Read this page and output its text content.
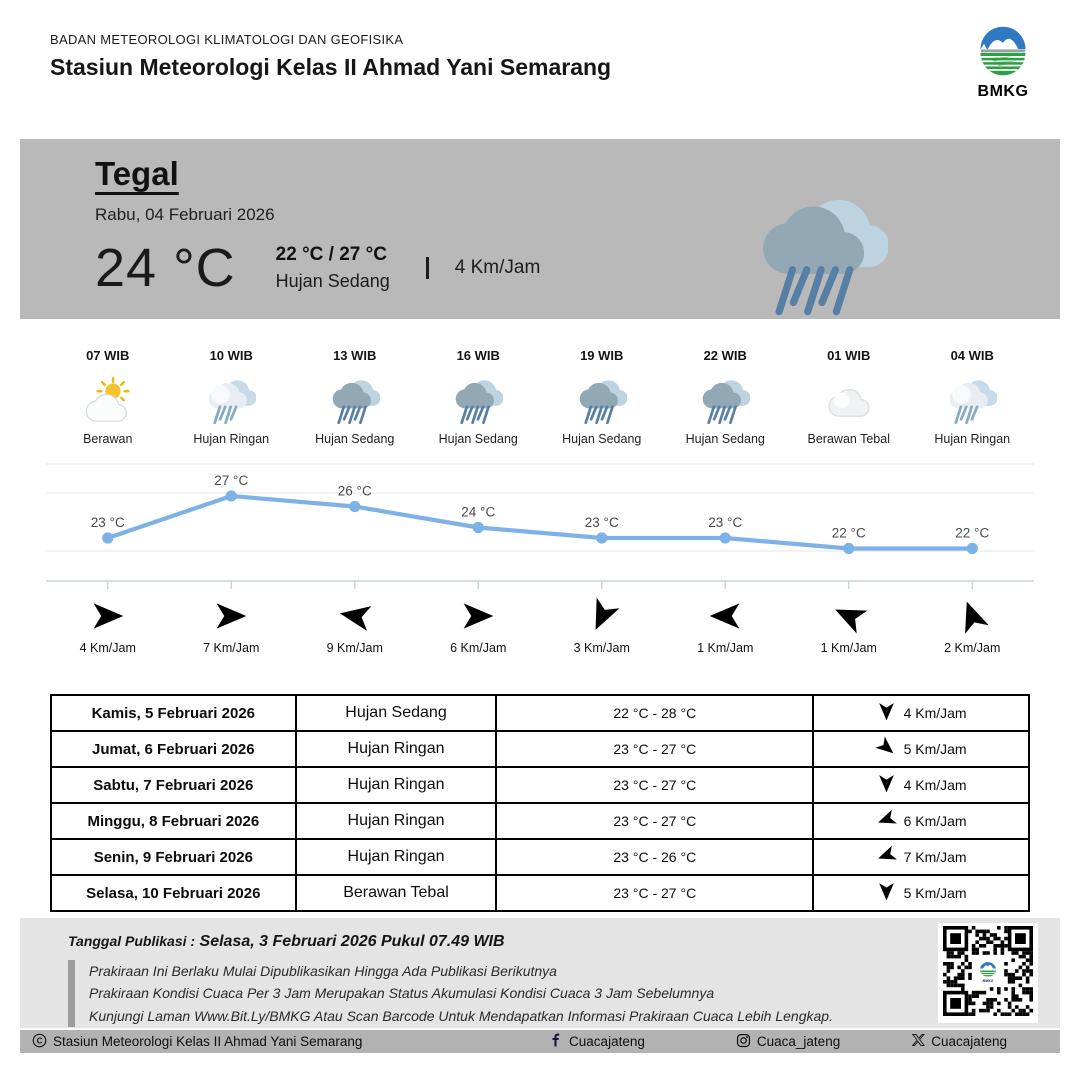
BADAN METEOROLOGI KLIMATOLOGI DAN GEOFISIKA
Stasiun Meteorologi Kelas II Ahmad Yani Semarang
BMKG
Tegal
Rabu, 04 Februari 2026
24 °C 22 °C / 27 °C
Hujan Sedang
4 Km/Jam
07 WIB
Berawan
10 WIB
Hujan Ringan
13 WIB
Hujan Sedang
16 WIB
Hujan Sedang
19 WIB
Hujan Sedang
22 WIB
Hujan Sedang
01 WIB
Berawan Tebal
04 WIB
Hujan Ringan
23 °C
27 °C
26 °C
24 °C
23 °C	23 °C
22 °C	22 °C
4 Km/Jam	7 Km/Jam	9 Km/Jam	6 Km/Jam	3 Km/Jam	1 Km/Jam	1 Km/Jam	2 Km/Jam
Kamis, 5 Februari 2026	Hujan Sedang	22 °C - 28 °C	4 Km/Jam

Jumat, 6 Februari 2026	Hujan Ringan	23 °C - 27 °C	5 Km/Jam

Sabtu, 7 Februari 2026	Hujan Ringan	23 °C - 27 °C	4 Km/Jam

Minggu, 8 Februari 2026	Hujan Ringan	23 °C - 27 °C	6 Km/Jam

Senin, 9 Februari 2026	Hujan Ringan	23 °C - 26 °C	7 Km/Jam

Selasa, 10 Februari 2026	Berawan Tebal	23 °C - 27 °C	5 Km/Jam
Tanggal Publikasi : Selasa, 3 Februari 2026 Pukul 07.49 WIB
Prakiraan Ini Berlaku Mulai Dipublikasikan Hingga Ada Publikasi Berikutnya
Prakiraan Kondisi Cuaca Per 3 Jam Merupakan Status Akumulasi Kondisi Cuaca 3 Jam Sebelumnya
Kunjungi Laman Www.Bit.Ly/BMKG Atau Scan Barcode Untuk Mendapatkan Informasi Prakiraan Cuaca Lebih Lengkap.
BMKG
C Stasiun Meteorologi Kelas II Ahmad Yani Semarang	Cuacajateng	Cuaca_jateng	Cuacajateng
